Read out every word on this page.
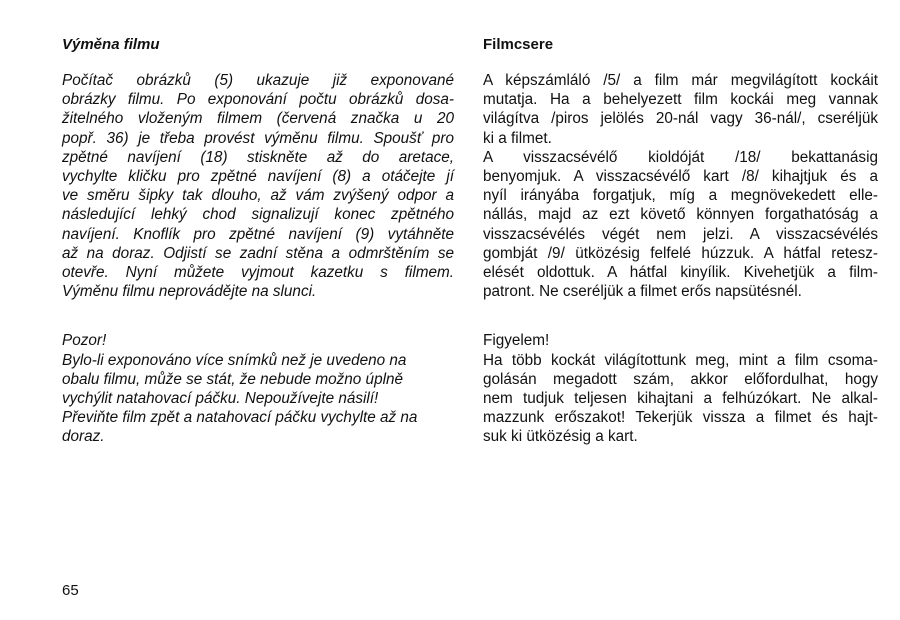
Výměna filmu
Počítač obrázků (5) ukazuje již exponované
obrázky filmu. Po exponování počtu obrázků dosa-
žitelného vloženým filmem (červená značka u 20
popř. 36) je třeba provést výměnu filmu. Spoušť pro
zpětné navíjení (18) stiskněte až do aretace,
vychylte kličku pro zpětné navíjení (8) a otáčejte jí
ve směru šipky tak dlouho, až vám zvýšený odpor a
následující lehký chod signalizují konec zpětného
navíjení. Knoflík pro zpětné navíjení (9) vytáhněte
až na doraz. Odjistí se zadní stěna a odmrštěním se
otevře. Nyní můžete vyjmout kazetku s filmem.
Výměnu filmu neprovádějte na slunci.
Pozor!
Bylo-li exponováno více snímků než je uvedeno na
obalu filmu, může se stát, že nebude možno úplně
vychýlit natahovací páčku. Nepoužívejte násilí!
Převiňte film zpět a natahovací páčku vychylte až na
doraz.
Filmcsere
A képszámláló /5/ a film már megvilágított kockáit
mutatja. Ha a behelyezett film kockái meg vannak
világítva /piros jelölés 20-nál vagy 36-nál/, cseréljük
ki a filmet.
A visszacsévélő kioldóját /18/ bekattanásig
benyomjuk. A visszacsévélő kart /8/ kihajtjuk és a
nyíl irányába forgatjuk, míg a megnövekedett elle-
nállás, majd az ezt követő könnyen forgathatóság a
visszacsévélés végét nem jelzi. A visszacsévélés
gombját /9/ ütközésig felfelé húzzuk. A hátfal retesz-
elését oldottuk. A hátfal kinyílik. Kivehetjük a film-
patront. Ne cseréljük a filmet erős napsütésnél.
Figyelem!
Ha több kockát világítottunk meg, mint a film csoma-
golásán megadott szám, akkor előfordulhat, hogy
nem tudjuk teljesen kihajtani a felhúzókart. Ne alkal-
mazzunk erőszakot! Tekerjük vissza a filmet és hajt-
suk ki ütközésig a kart.
65
